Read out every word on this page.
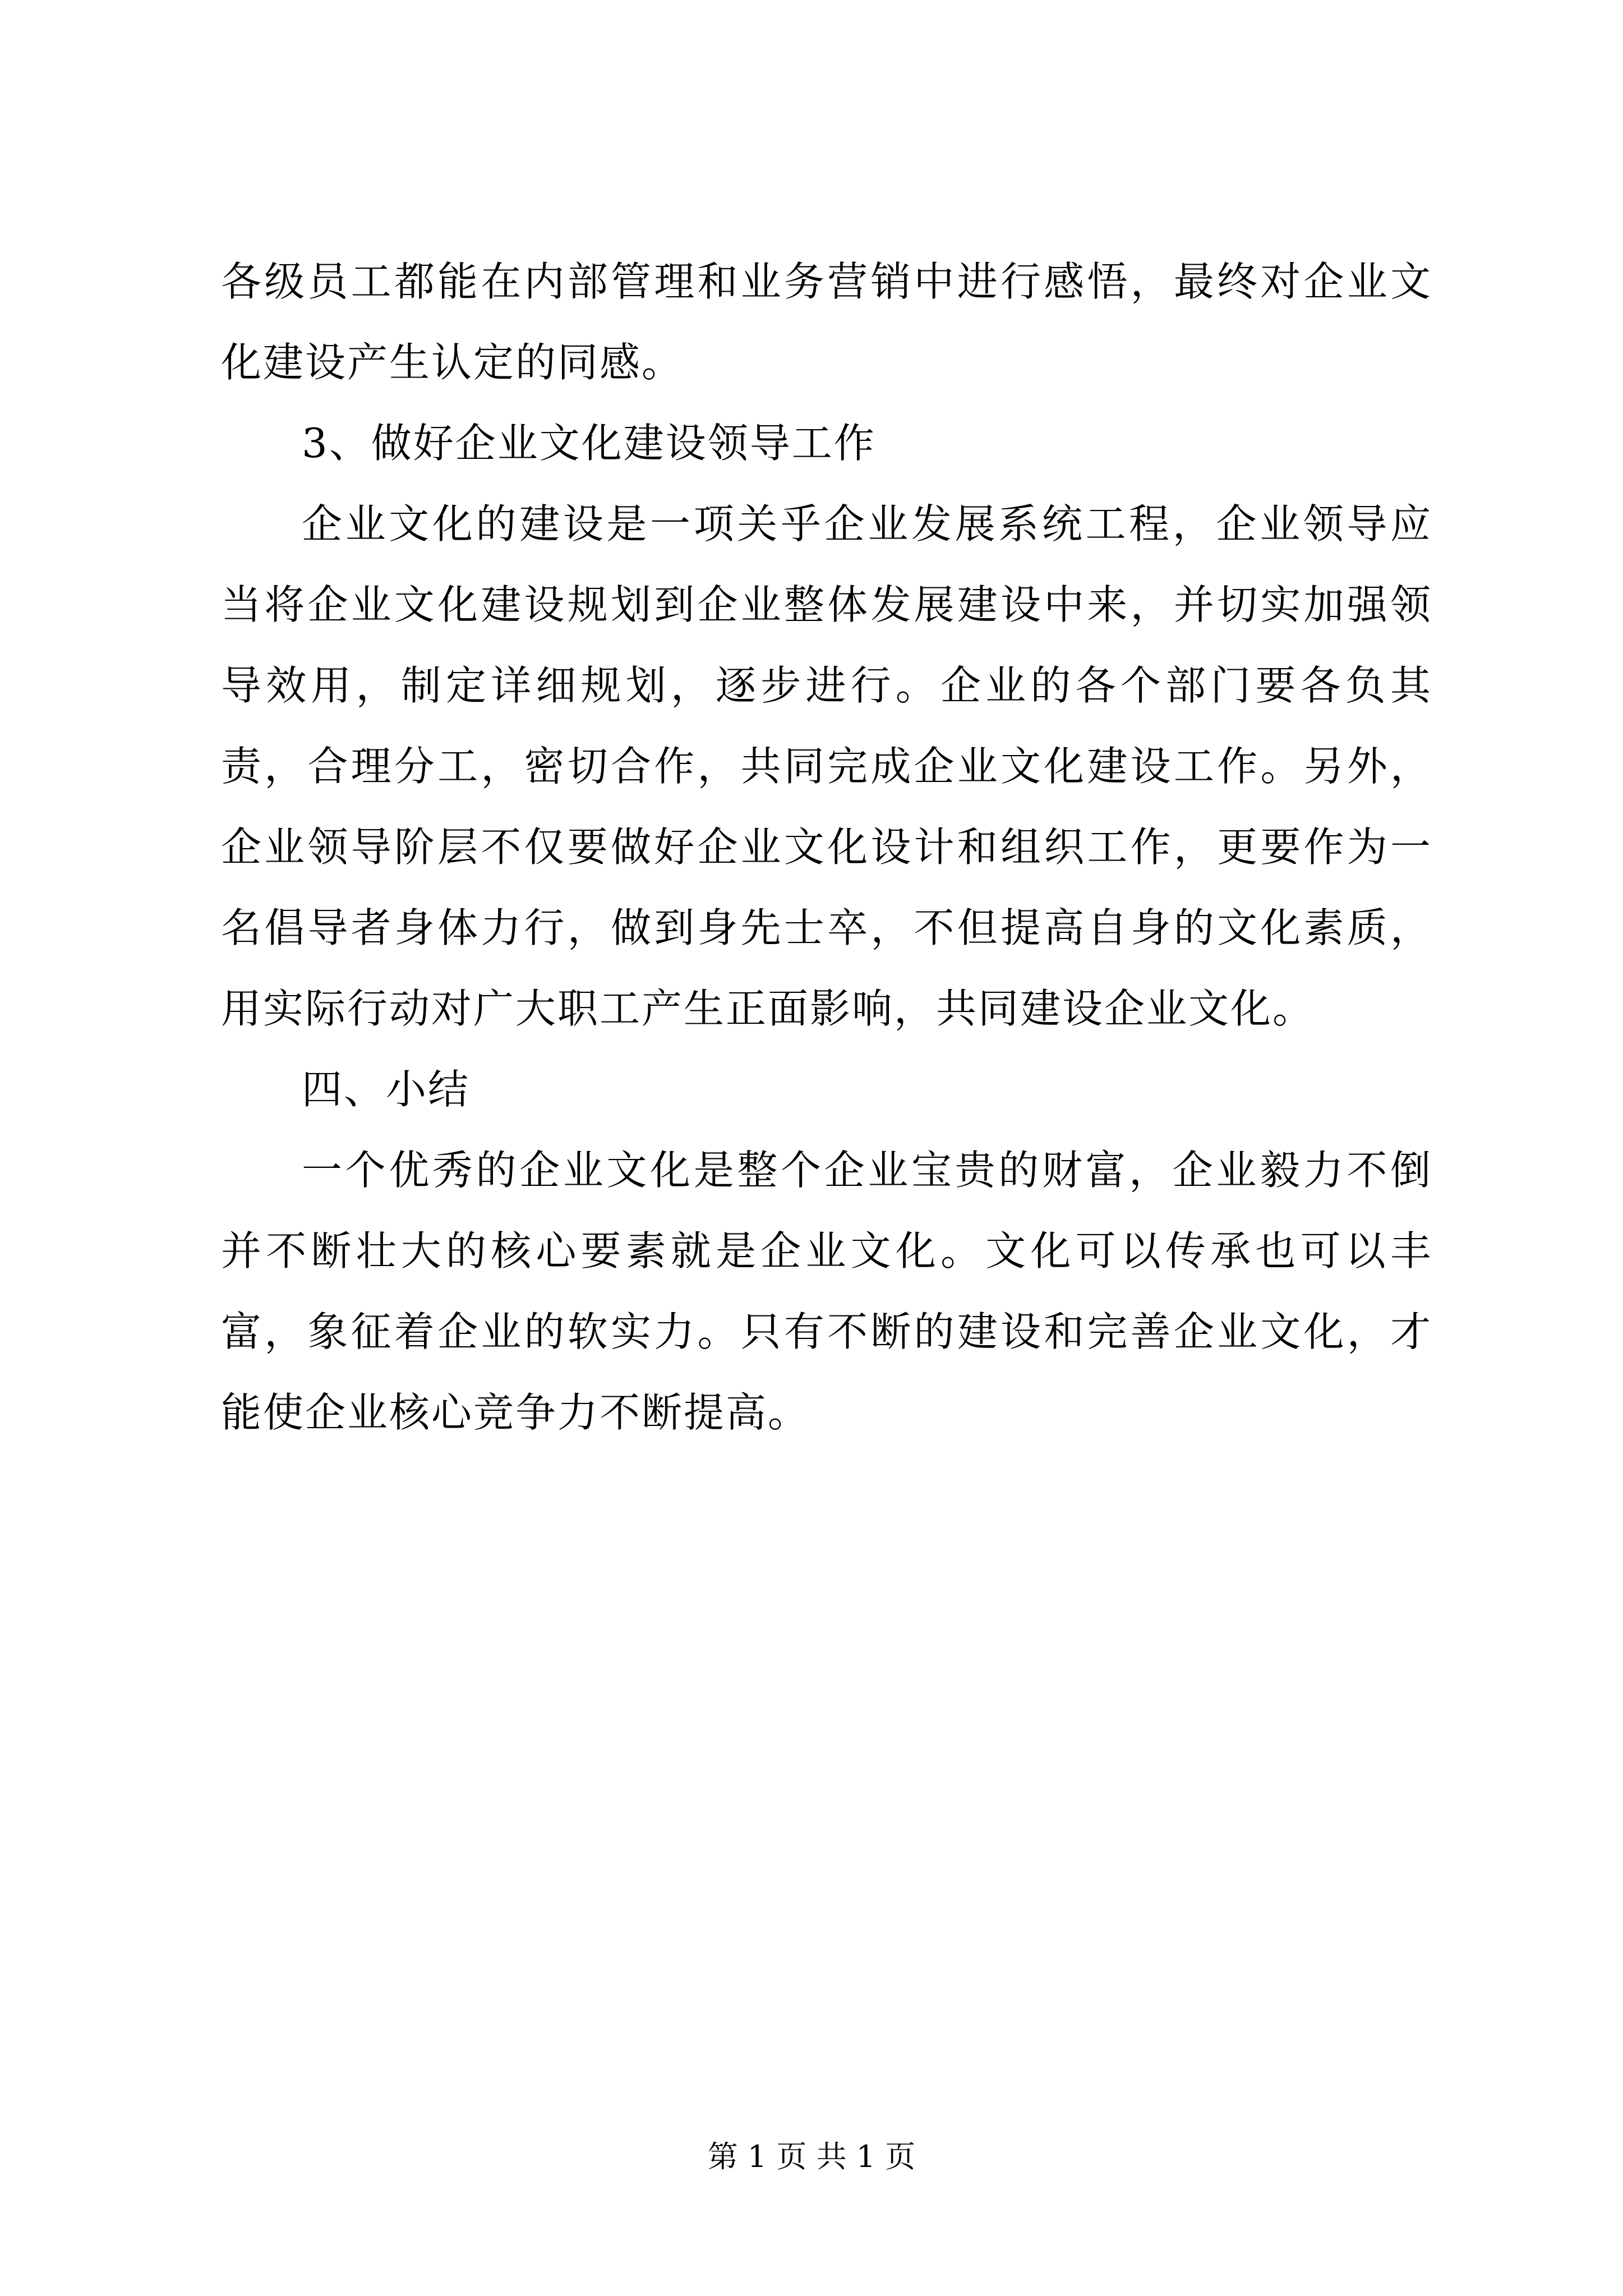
各级员工都能在内部管理和业务营销中进行感悟，最终对企业文化建设产生认定的同感。

3、做好企业文化建设领导工作

企业文化的建设是一项关乎企业发展系统工程，企业领导应当将企业文化建设规划到企业整体发展建设中来，并切实加强领导效用，制定详细规划，逐步进行。企业的各个部门要各负其责，合理分工，密切合作，共同完成企业文化建设工作。另外，企业领导阶层不仅要做好企业文化设计和组织工作，更要作为一名倡导者身体力行，做到身先士卒，不但提高自身的文化素质，用实际行动对广大职工产生正面影响，共同建设企业文化。

四、小结

一个优秀的企业文化是整个企业宝贵的财富，企业毅力不倒并不断壮大的核心要素就是企业文化。文化可以传承也可以丰富，象征着企业的软实力。只有不断的建设和完善企业文化，才能使企业核心竞争力不断提高。

第 1 页 共 1 页
